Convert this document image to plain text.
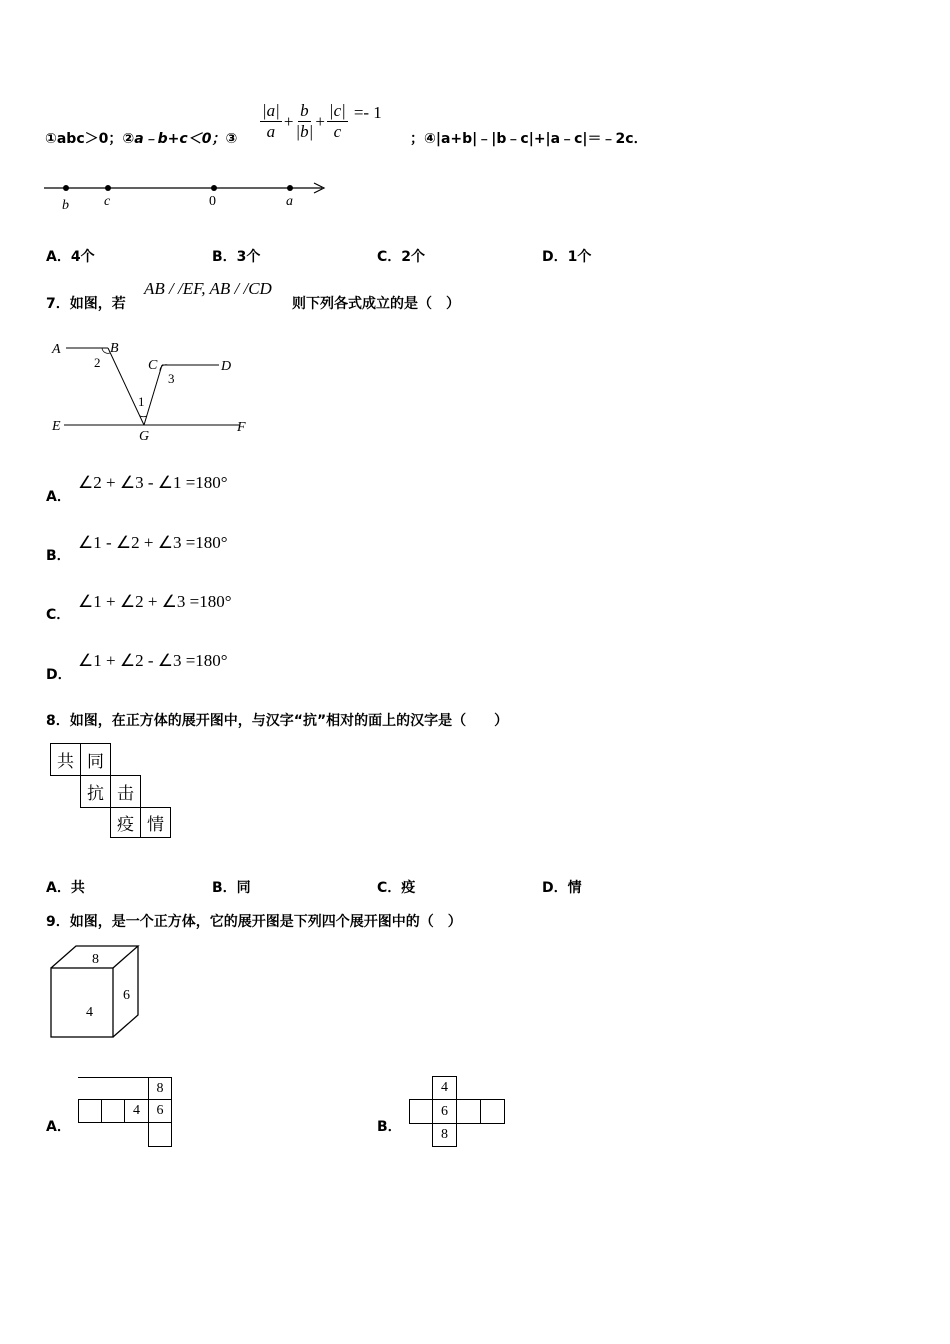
①abc＞0；②a﹣b+c＜0；③ $\frac{|a|}{a} + \frac{b}{|b|} + \frac{|c|}{c} =- 1$
；④|a+b|﹣|b﹣c|+|a﹣c|＝﹣2c．
b	c	0	a
A．4个	B．3个	C．2个	D．1个
7．如图，若
AB / /EF, AB / /CD
则下列各式成立的是（　）
A	B
C	D
E	F
G
1
2
3
A．
∠2 + ∠3 - ∠1 =180°
B．
∠1 - ∠2 + ∠3 =180°
C．
∠1 + ∠2 + ∠3 =180°
D．
∠1 + ∠2 - ∠3 =180°
8．如图，在正方体的展开图中，与汉字“抗”相对的面上的汉字是（　　）
共 同
抗 击
疫 情
A．共	B．同	C．疫	D．情
9．如图，是一个正方体，它的展开图是下列四个展开图中的（　）
8
4
6
A．
8
4	6
B．
4
6
8
